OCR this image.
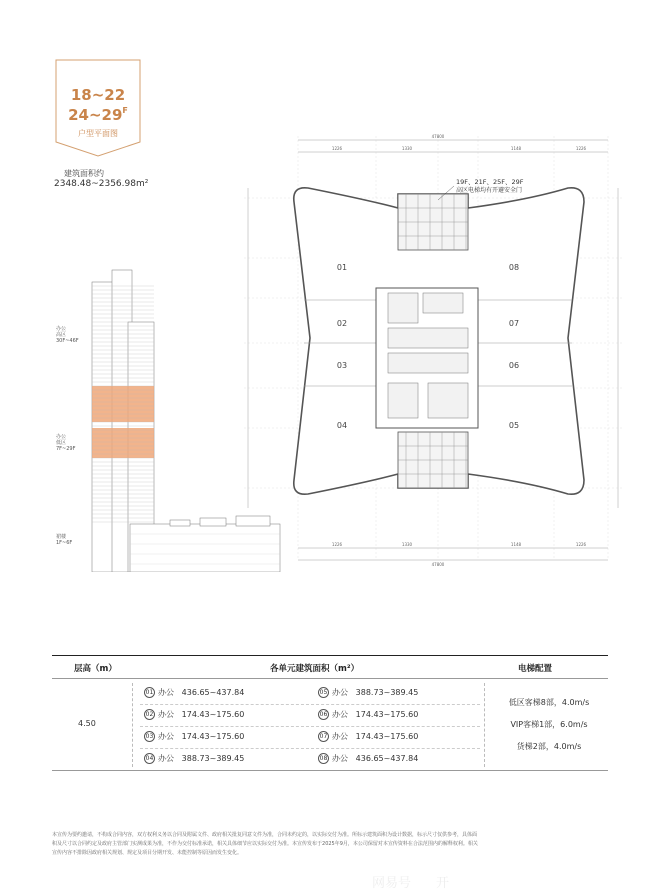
18~22
$24\sim 29^F$
户型平面图
建筑面积约
2348.48~2356.98m²
办公
高区
30F~46F
办公
低区
7F~29F
裙楼
1F~6F
19F、21F、25F、29F
高区电梯均有开避安全门
01
02
03
04	05
06
07
08
47800
1226	1330	1148	1226
1226	1330	1148	1226
47800
层高（m）	各单元建筑面积（m²）	电梯配置
4.50
01 办公 436.65~437.84	05 办公 388.73~389.45
02 办公 174.43~175.60	06 办公 174.43~175.60
03 办公 174.43~175.60	07 办公 174.43~175.60
04 办公 388.73~389.45	08 办公 436.65~437.84
低区客梯8部，4.0m/s
VIP客梯1部，6.0m/s
货梯2部，4.0m/s
本宣传为要约邀请，不构成合同内容，双方权利义务以合同及附属文件、政府相关批复同意文件为准，合同未约定的，以实际交付为准。所标示建筑面积为设计数据，标示尺寸仅供参考，具体面
积及尺寸以合同约定及政府主管部门实测成果为准，不作为交付标准承诺，相关具体细节应以实际交付为准。本宣传发布于2025年9月，本公司保留对本宣传资料在合法范围内的解释权利。相关
宣传内容不排除因政府相关规划、规定及项目分期开发、未能控制等原因而发生变化。
网易号 开 搜狐号@搜狐焦点衡山站
